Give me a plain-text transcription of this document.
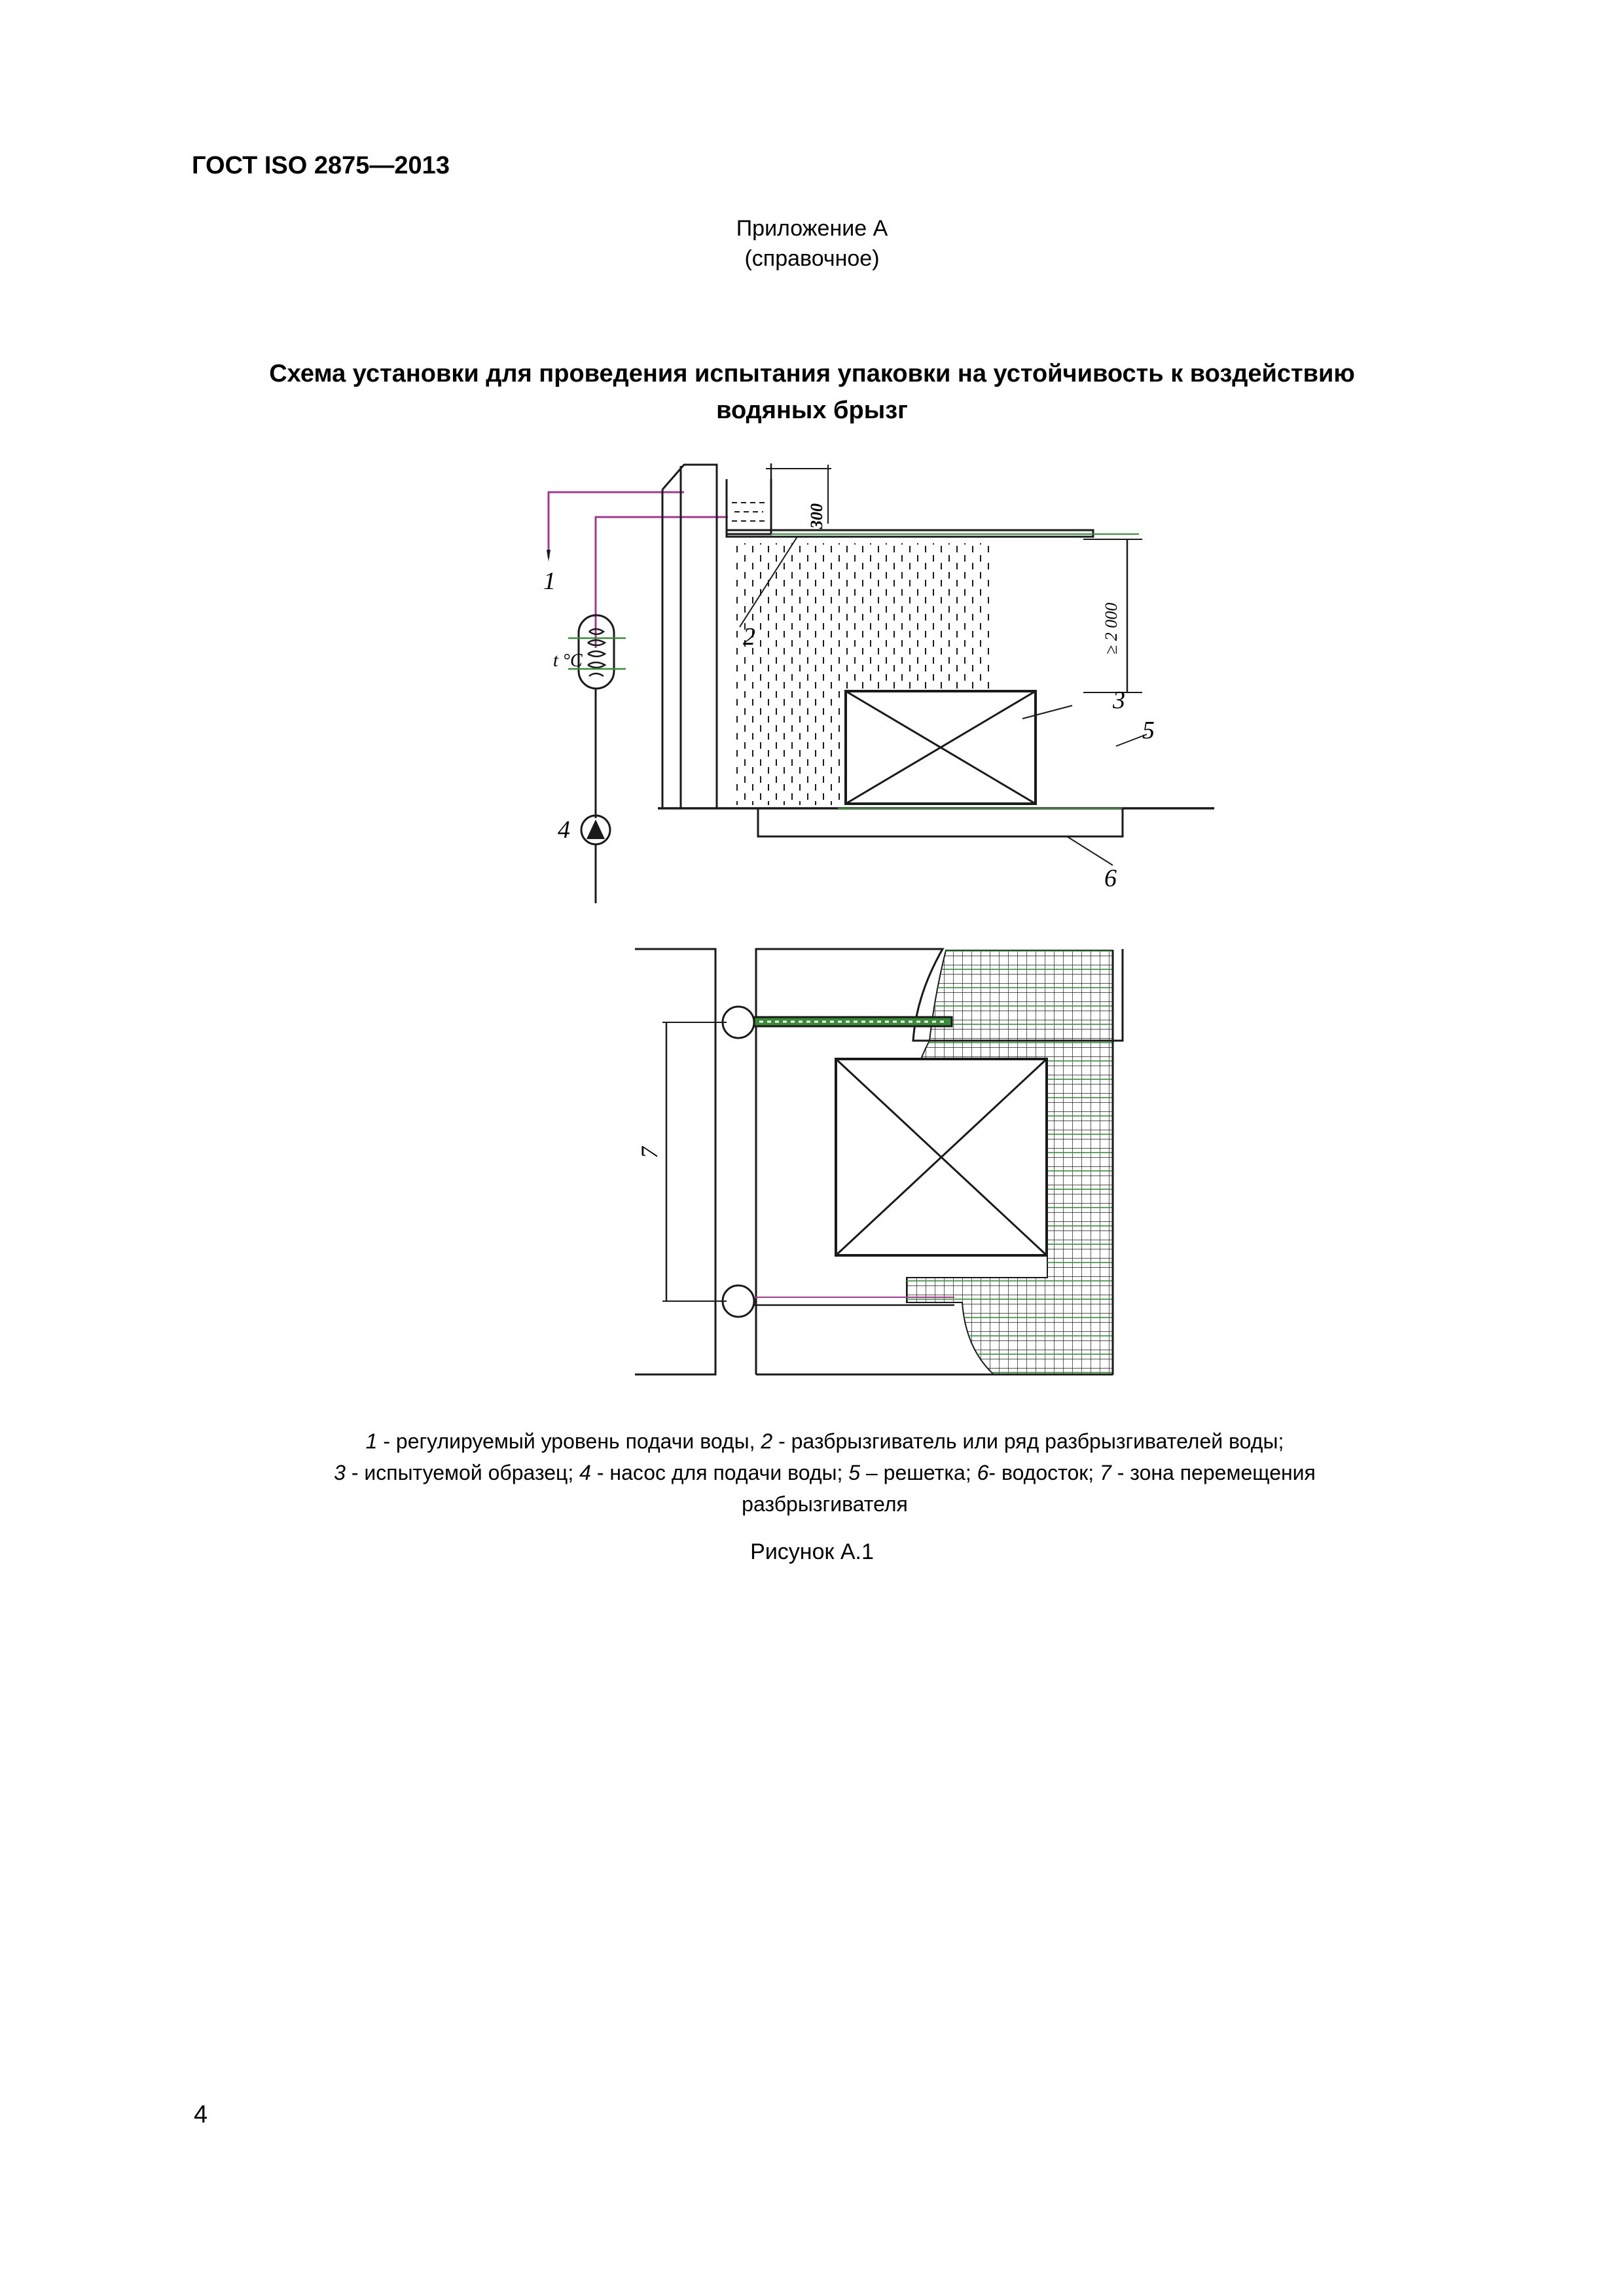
ГОСТ ISO 2875—2013
Приложение А
(справочное)
Схема установки для проведения испытания упаковки на устойчивость к воздействию
водяных брызг
300
≥ 2 000
1
2
3
5
t °C
4
6
7
1 - регулируемый уровень подачи воды, 2 - разбрызгиватель или ряд разбрызгивателей воды;
3 - испытуемой образец; 4 - насос для подачи воды; 5 – решетка; 6- водосток; 7 - зона перемещения
разбрызгивателя
Рисунок А.1
4
